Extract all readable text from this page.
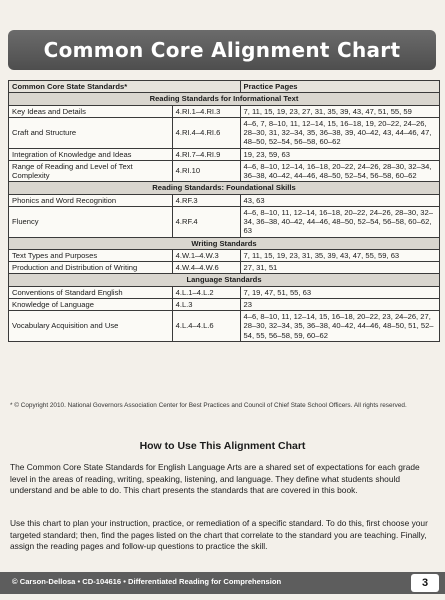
Common Core Alignment Chart
Common Core State Standards*		Practice Pages
Reading Standards for Informational Text		
Key Ideas and Details	4.RI.1–4.RI.3	7, 11, 15, 19, 23, 27, 31, 35, 39, 43, 47, 51, 55, 59
Craft and Structure	4.RI.4–4.RI.6	4–6, 7, 8–10, 11, 12–14, 15, 16–18, 19, 20–22, 24–26, 28–30, 31, 32–34, 35, 36–38, 39, 40–42, 43, 44–46, 47, 48–50, 52–54, 56–58, 60–62
Integration of Knowledge and Ideas	4.RI.7–4.RI.9	19, 23, 59, 63
Range of Reading and Level of Text Complexity	4.RI.10	4–6, 8–10, 12–14, 16–18, 20–22, 24–26, 28–30, 32–34, 36–38, 40–42, 44–46, 48–50, 52–54, 56–58, 60–62
Reading Standards: Foundational Skills		
Phonics and Word Recognition	4.RF.3	43, 63
Fluency	4.RF.4	4–6, 8–10, 11, 12–14, 16–18, 20–22, 24–26, 28–30, 32–34, 36–38, 40–42, 44–46, 48–50, 52–54, 56–58, 60–62, 63
Writing Standards		
Text Types and Purposes	4.W.1–4.W.3	7, 11, 15, 19, 23, 31, 35, 39, 43, 47, 55, 59, 63
Production and Distribution of Writing	4.W.4–4.W.6	27, 31, 51
Language Standards		
Conventions of Standard English	4.L.1–4.L.2	7, 19, 47, 51, 55, 63
Knowledge of Language	4.L.3	23
Vocabulary Acquisition and Use	4.L.4–4.L.6	4–6, 8–10, 11, 12–14, 15, 16–18, 20–22, 23, 24–26, 27, 28–30, 32–34, 35, 36–38, 40–42, 44–46, 48–50, 51, 52–54, 55, 56–58, 59, 60–62
* © Copyright 2010. National Governors Association Center for Best Practices and Council of Chief State School Officers. All rights reserved.
How to Use This Alignment Chart

The Common Core State Standards for English Language Arts are a shared set of expectations for each grade level in the areas of reading, writing, speaking, listening, and language. They define what students should understand and be able to do. This chart presents the standards that are covered in this book.

Use this chart to plan your instruction, practice, or remediation of a specific standard. To do this, first choose your targeted standard; then, find the pages listed on the chart that correlate to the standard you are teaching. Finally, assign the reading pages and follow-up questions to practice the skill.

© Carson-Dellosa • CD-104616 • Differentiated Reading for Comprehension	3
